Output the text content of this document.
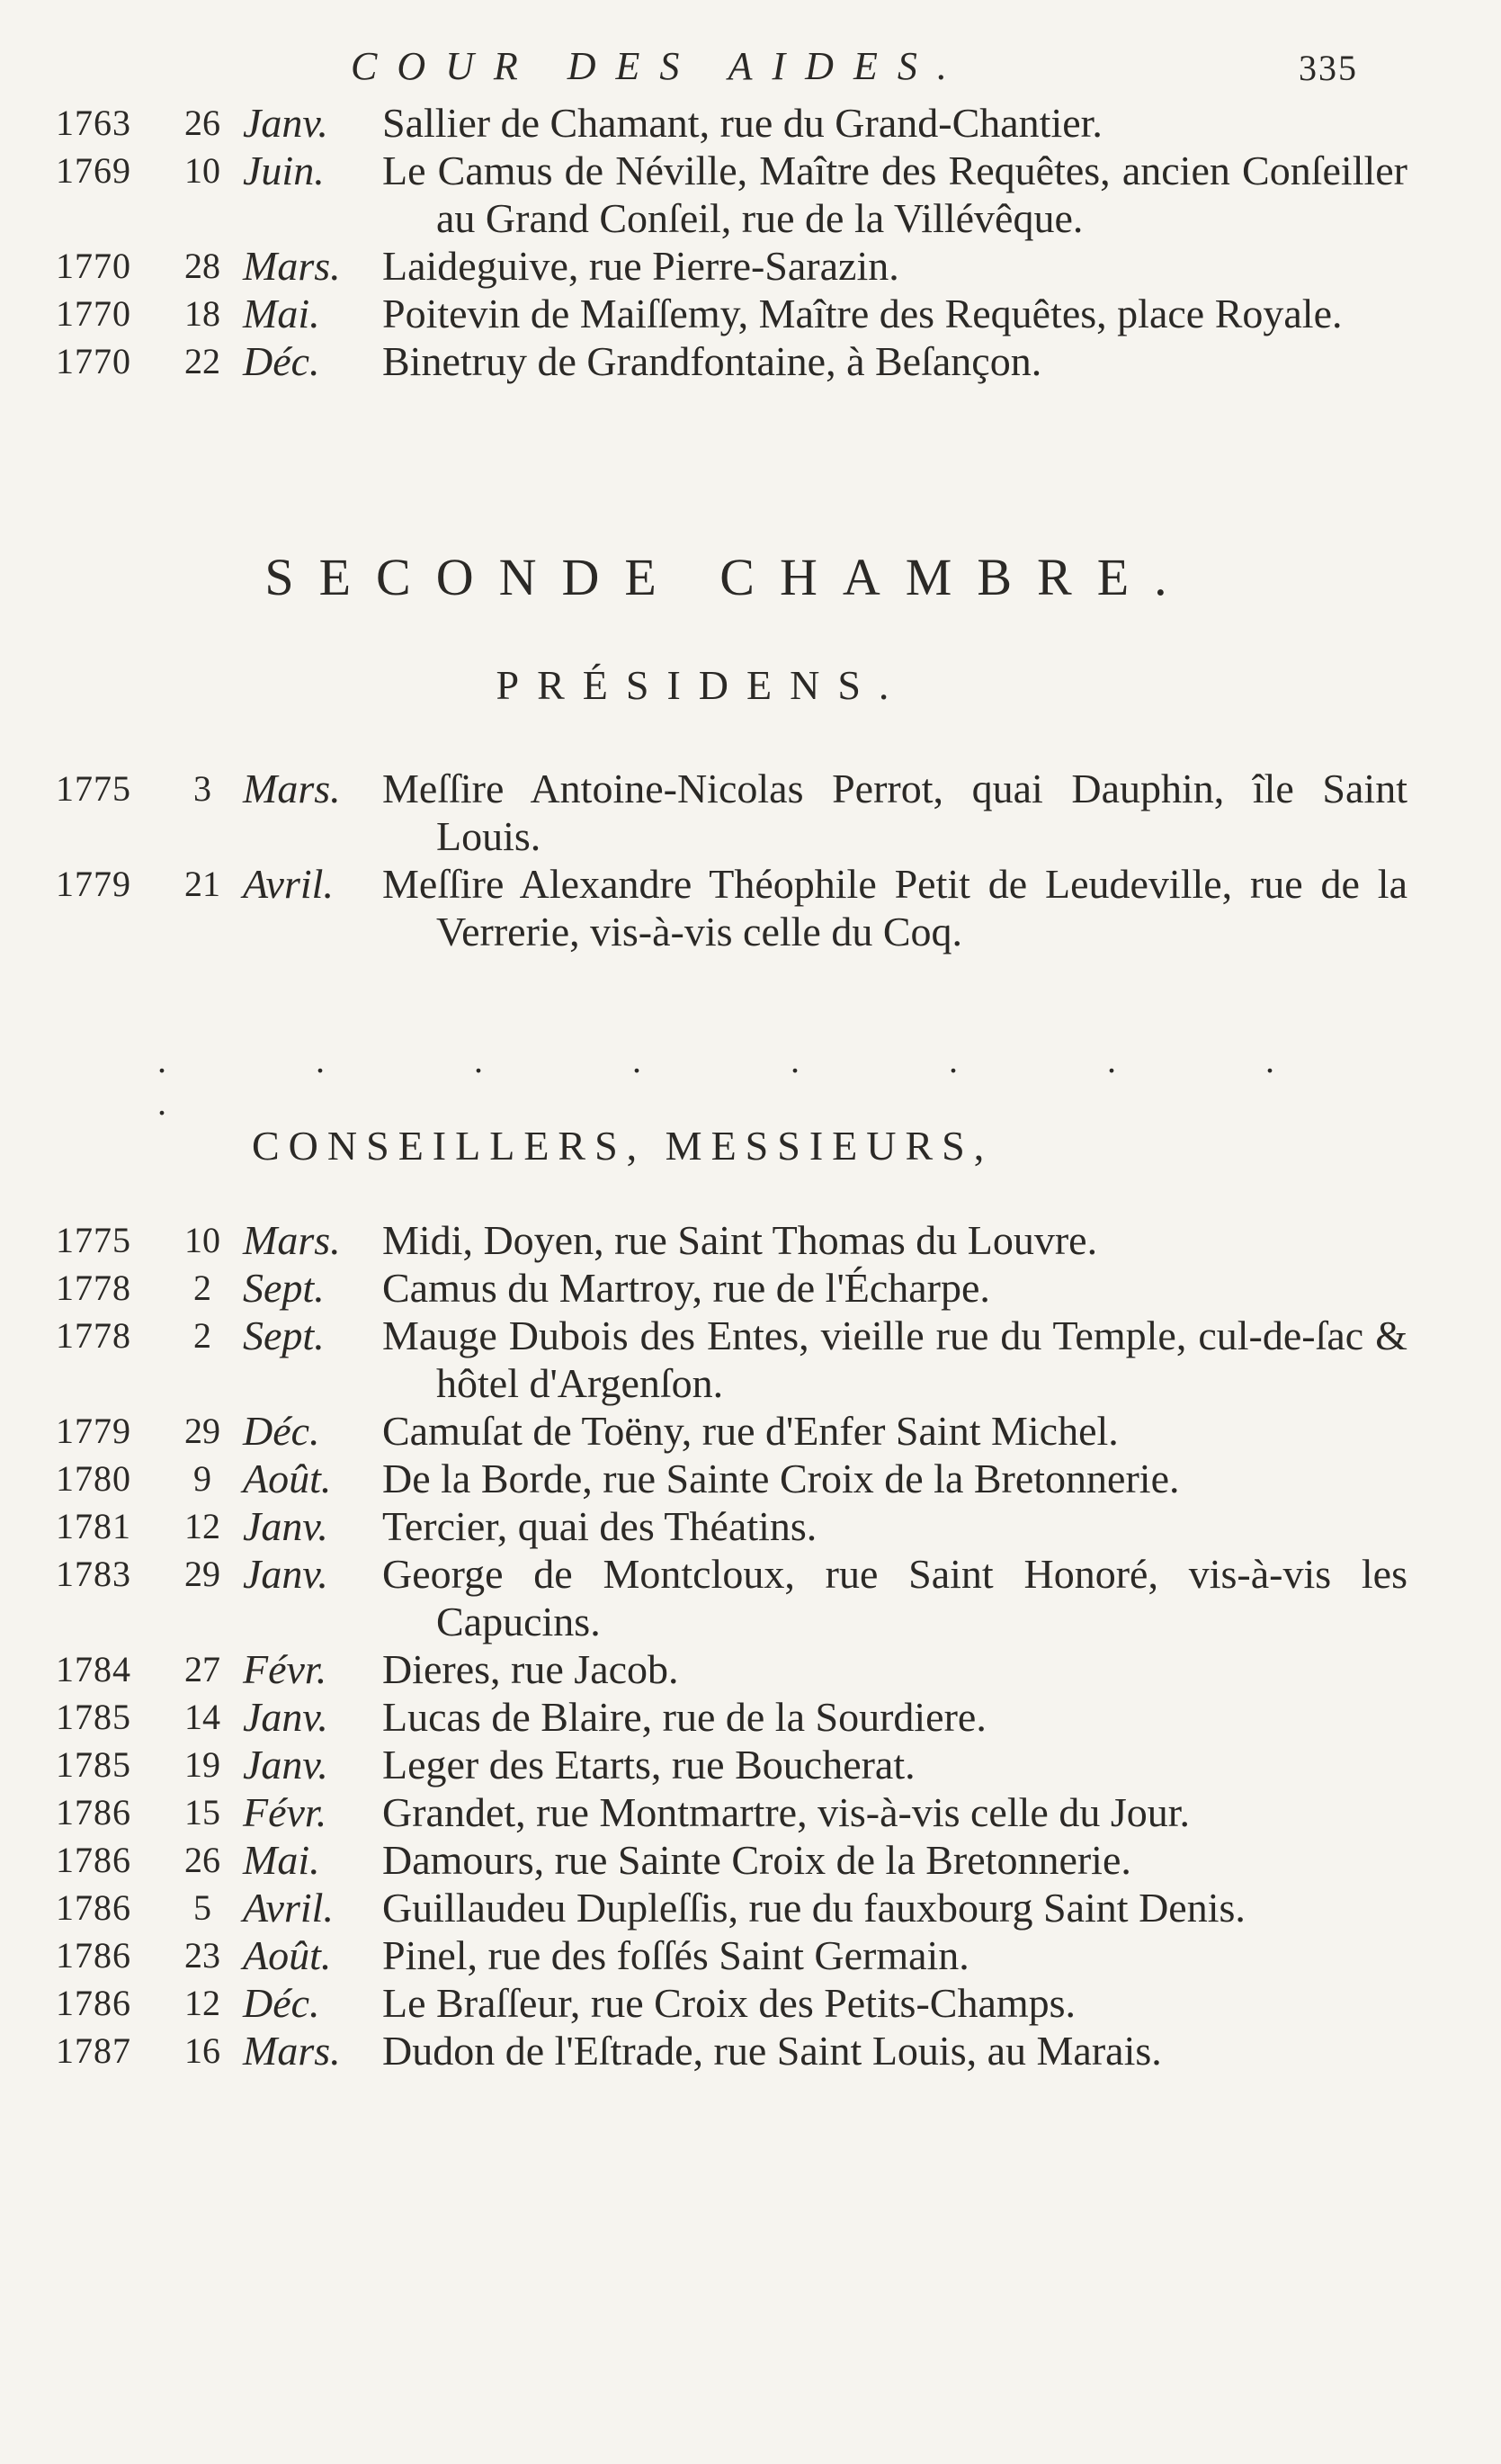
COUR DES AIDES.	335
1763	26 Janv.	Sallier de Chamant, rue du Grand-Chantier.
1769	10 Juin.	Le Camus de Néville, Maître des Requêtes, ancien Conſeiller au Grand Conſeil, rue de la Villévêque.
1770	28 Mars.	Laideguive, rue Pierre-Sarazin.
1770	18 Mai.	Poitevin de Maiſſemy, Maître des Requêtes, place Royale.
1770	22 Déc.	Binetruy de Grandfontaine, à Beſançon.
SECONDE CHAMBRE.
PRÉSIDENS.
1775	3 Mars.	Meſſire Antoine-Nicolas Perrot, quai Dauphin, île Saint Louis.
1779	21 Avril.	Meſſire Alexandre Théophile Petit de Leudeville, rue de la Verrerie, vis-à-vis celle du Coq.
. . . . . . . . .
CONSEILLERS, MESSIEURS,
1775	10 Mars.	Midi, Doyen, rue Saint Thomas du Louvre.
1778	2 Sept.	Camus du Martroy, rue de l'Écharpe.
1778	2 Sept.	Mauge Dubois des Entes, vieille rue du Temple, cul-de-ſac & hôtel d'Argenſon.
1779	29 Déc.	Camuſat de Toëny, rue d'Enfer Saint Michel.
1780	9 Août.	De la Borde, rue Sainte Croix de la Bretonnerie.
1781	12 Janv.	Tercier, quai des Théatins.
1783	29 Janv.	George de Montcloux, rue Saint Honoré, vis-à-vis les Capucins.
1784	27 Févr.	Dieres, rue Jacob.
1785	14 Janv.	Lucas de Blaire, rue de la Sourdiere.
1785	19 Janv.	Leger des Etarts, rue Boucherat.
1786	15 Févr.	Grandet, rue Montmartre, vis-à-vis celle du Jour.
1786	26 Mai.	Damours, rue Sainte Croix de la Bretonnerie.
1786	5 Avril.	Guillaudeu Dupleſſis, rue du fauxbourg Saint Denis.
1786	23 Août.	Pinel, rue des foſſés Saint Germain.
1786	12 Déc.	Le Braſſeur, rue Croix des Petits-Champs.
1787	16 Mars.	Dudon de l'Eſtrade, rue Saint Louis, au Marais.
